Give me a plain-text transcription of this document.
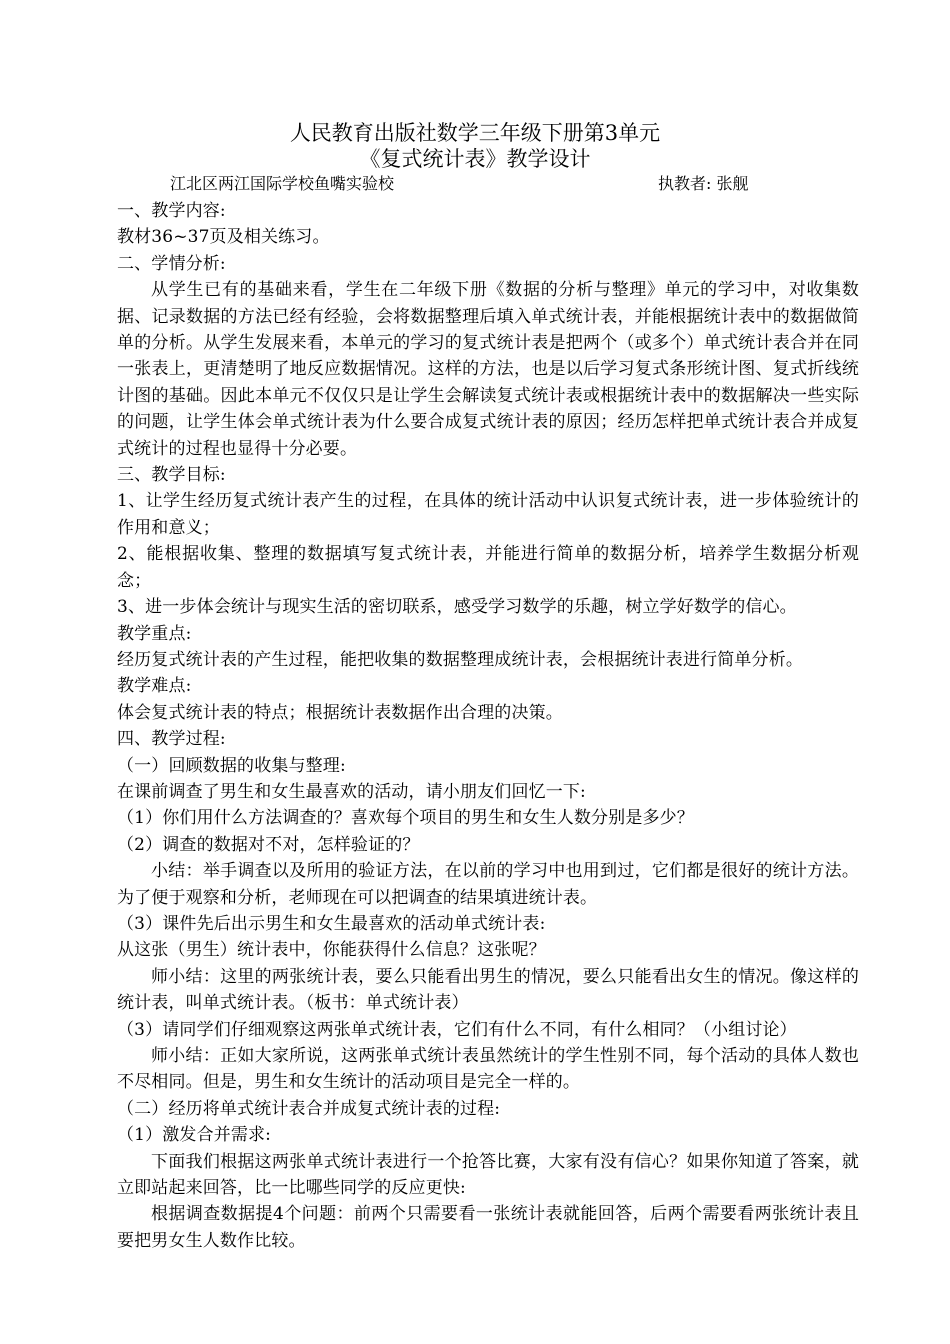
人民教育出版社数学三年级下册第3单元
《复式统计表》教学设计
江北区两江国际学校鱼嘴实验校	执教者: 张舰

一、教学内容:

教材36~37页及相关练习。

二、学情分析:

从学生已有的基础来看，学生在二年级下册《数据的分析与整理》单元的学习中，对收集数据、记录数据的方法已经有经验，会将数据整理后填入单式统计表，并能根据统计表中的数据做简单的分析。从学生发展来看，本单元的学习的复式统计表是把两个（或多个）单式统计表合并在同一张表上，更清楚明了地反应数据情况。这样的方法，也是以后学习复式条形统计图、复式折线统计图的基础。因此本单元不仅仅只是让学生会解读复式统计表或根据统计表中的数据解决一些实际的问题，让学生体会单式统计表为什么要合成复式统计表的原因；经历怎样把单式统计表合并成复式统计的过程也显得十分必要。

三、教学目标:

1、让学生经历复式统计表产生的过程，在具体的统计活动中认识复式统计表，进一步体验统计的作用和意义；

2、能根据收集、整理的数据填写复式统计表，并能进行简单的数据分析，培养学生数据分析观念；

3、进一步体会统计与现实生活的密切联系，感受学习数学的乐趣，树立学好数学的信心。

教学重点:

经历复式统计表的产生过程，能把收集的数据整理成统计表，会根据统计表进行简单分析。

教学难点:

体会复式统计表的特点；根据统计表数据作出合理的决策。

四、教学过程:

（一）回顾数据的收集与整理:

在课前调查了男生和女生最喜欢的活动，请小朋友们回忆一下:

（1）你们用什么方法调查的？喜欢每个项目的男生和女生人数分别是多少？

（2）调查的数据对不对，怎样验证的？

小结：举手调查以及所用的验证方法，在以前的学习中也用到过，它们都是很好的统计方法。为了便于观察和分析，老师现在可以把调查的结果填进统计表。

（3）课件先后出示男生和女生最喜欢的活动单式统计表:

从这张（男生）统计表中，你能获得什么信息？这张呢？

师小结：这里的两张统计表，要么只能看出男生的情况，要么只能看出女生的情况。像这样的统计表，叫单式统计表。（板书：单式统计表）

（3）请同学们仔细观察这两张单式统计表，它们有什么不同，有什么相同？（小组讨论）

师小结：正如大家所说，这两张单式统计表虽然统计的学生性别不同，每个活动的具体人数也不尽相同。但是，男生和女生统计的活动项目是完全一样的。

（二）经历将单式统计表合并成复式统计表的过程:

（1）激发合并需求:

下面我们根据这两张单式统计表进行一个抢答比赛，大家有没有信心？如果你知道了答案，就立即站起来回答，比一比哪些同学的反应更快:

根据调查数据提4个问题：前两个只需要看一张统计表就能回答，后两个需要看两张统计表且要把男女生人数作比较。
